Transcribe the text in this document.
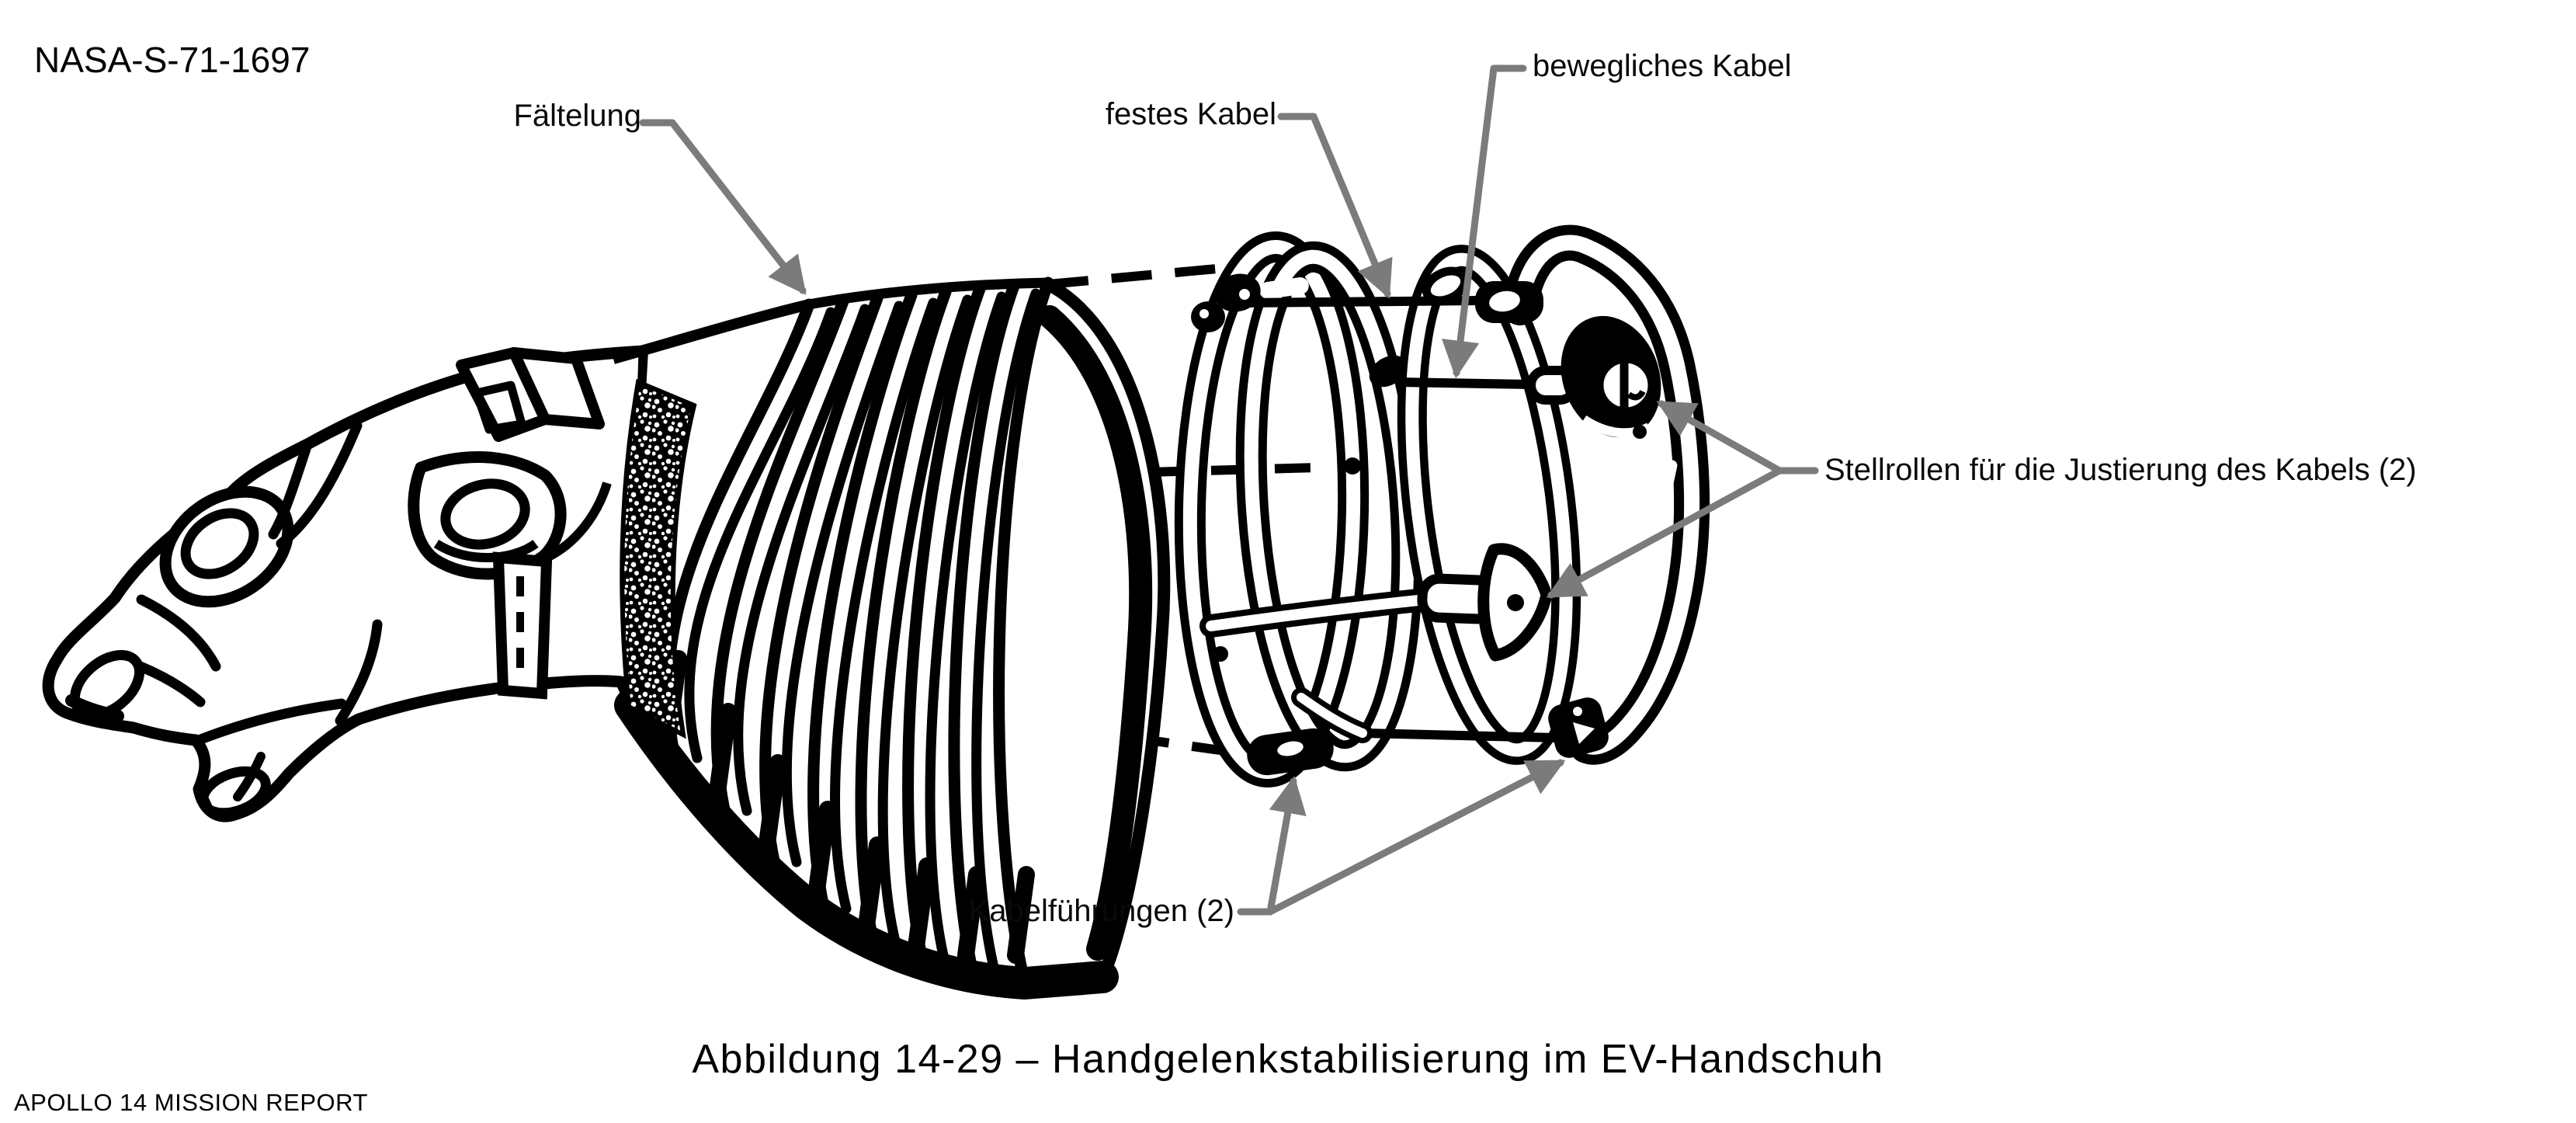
NASA-S-71-1697
Fältelung	festes Kabel
bewegliches Kabel
Stellrollen für die Justierung des Kabels (2)
Kabelführungen (2)
Abbildung 14-29 – Handgelenkstabilisierung im EV-Handschuh
APOLLO 14 MISSION REPORT
